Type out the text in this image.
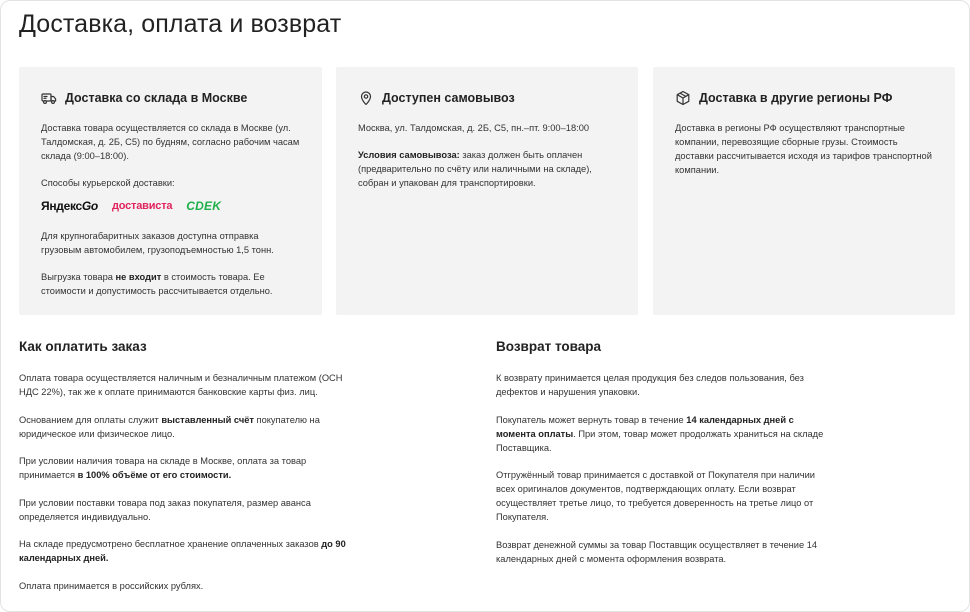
Доставка, оплата и возврат
Доставка со склада в Москве

Доставка товара осуществляется со склада в Москве (ул. Талдомская, д. 2Б, С5) по будням, согласно рабочим часам склада (9:00–18:00).

Способы курьерской доставки:

ЯндексGo достависта СDEK

Для крупногабаритных заказов доступна отправка грузовым автомобилем, грузоподъемностью 1,5 тонн.

Выгрузка товара не входит в стоимость товара. Ее стоимости и допустимость рассчитывается отдельно.

Доступен самовывоз

Москва, ул. Талдомская, д. 2Б, С5, пн.–пт. 9:00–18:00

Условия самовывоза: заказ должен быть оплачен (предварительно по счёту или наличными на складе), собран и упакован для транспортировки.

Доставка в другие регионы РФ

Доставка в регионы РФ осуществляют транспортные компании, перевозящие сборные грузы. Стоимость доставки рассчитывается исходя из тарифов транспортной компании.

Как оплатить заказ

Оплата товара осуществляется наличным и безналичным платежом (ОСН НДС 22%), так же к оплате принимаются банковские карты физ. лиц.

Основанием для оплаты служит выставленный счёт покупателю на юридическое или физическое лицо.

При условии наличия товара на складе в Москве, оплата за товар принимается в 100% объёме от его стоимости.

При условии поставки товара под заказ покупателя, размер аванса определяется индивидуально.

На складе предусмотрено бесплатное хранение оплаченных заказов до 90 календарных дней.

Оплата принимается в российских рублях.

Возврат товара

К возврату принимается целая продукция без следов пользования, без дефектов и нарушения упаковки.

Покупатель может вернуть товар в течение 14 календарных дней с момента оплаты. При этом, товар может продолжать храниться на складе Поставщика.

Отгружённый товар принимается с доставкой от Покупателя при наличии всех оригиналов документов, подтверждающих оплату. Если возврат осуществляет третье лицо, то требуется доверенность на третье лицо от Покупателя.

Возврат денежной суммы за товар Поставщик осуществляет в течение 14 календарных дней с момента оформления возврата.
